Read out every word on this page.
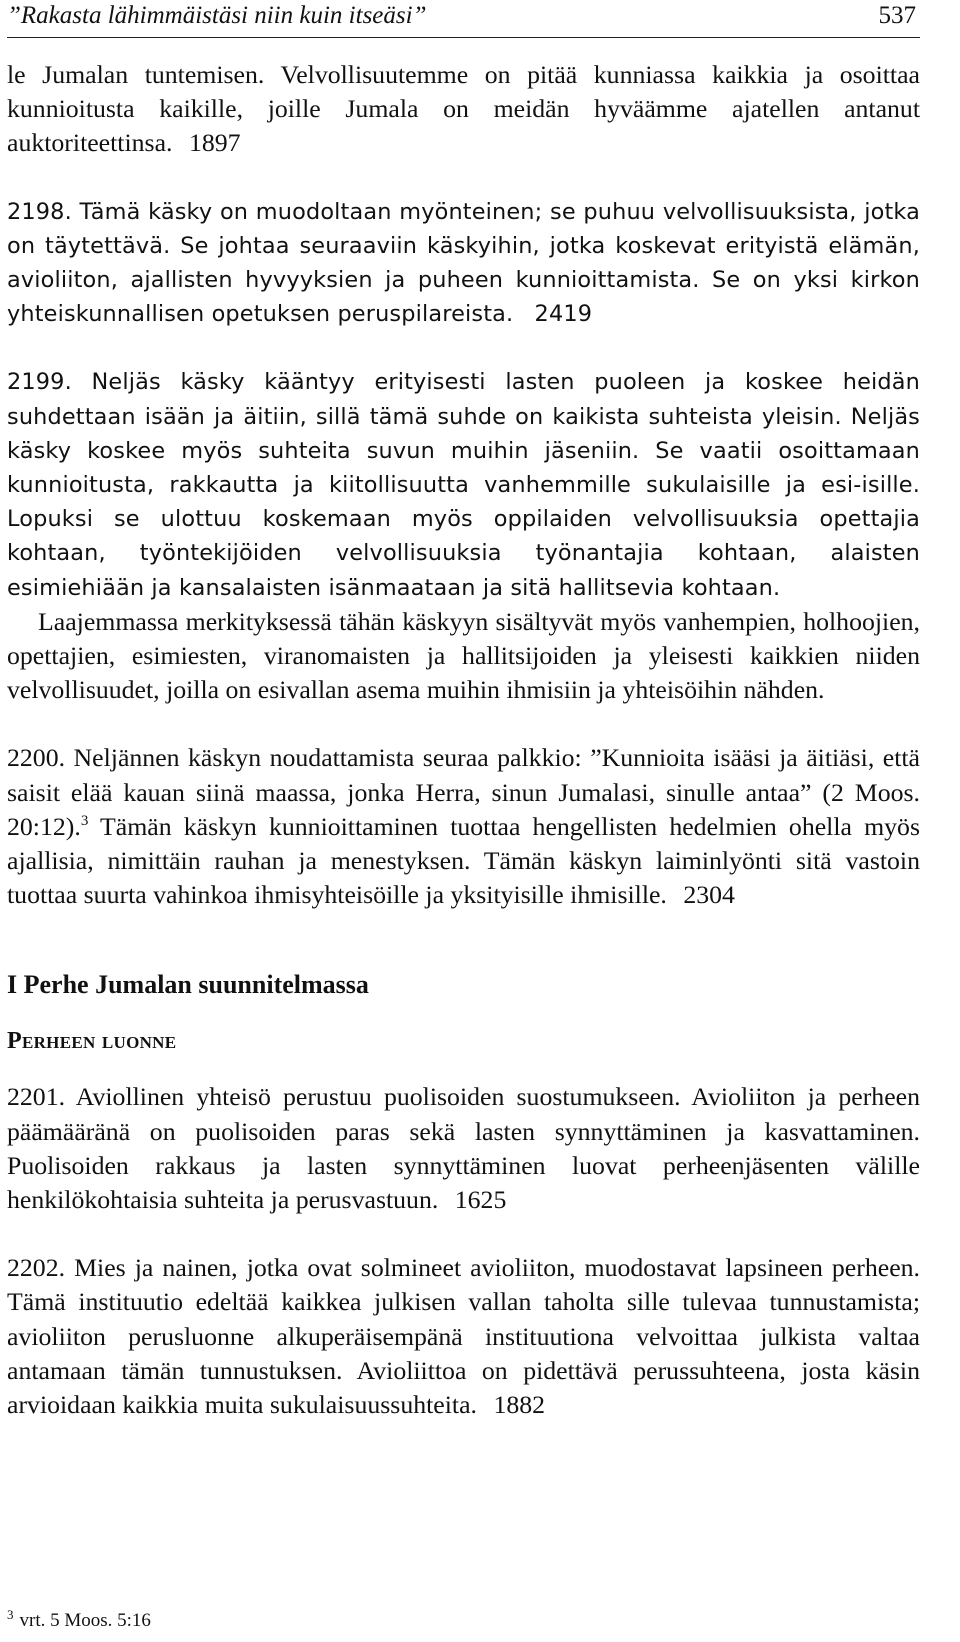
”Rakasta lähimmäistäsi niin kuin itseäsi”	537

le Jumalan tuntemisen. Velvollisuutemme on pitää kunniassa kaikkia ja osoittaa kunnioitusta kaikille, joille Jumala on meidän hyväämme ajatellen antanut auktoriteettinsa. 1897

2198. Tämä käsky on muodoltaan myönteinen; se puhuu velvollisuuksista, jotka on täytettävä. Se johtaa seuraaviin käskyihin, jotka koskevat erityistä elämän, avioliiton, ajallisten hyvyyksien ja puheen kunnioittamista. Se on yksi kirkon yhteiskunnallisen opetuksen peruspilareista. 2419

2199. Neljäs käsky kääntyy erityisesti lasten puoleen ja koskee heidän suhdettaan isään ja äitiin, sillä tämä suhde on kaikista suhteista yleisin. Neljäs käsky koskee myös suhteita suvun muihin jäseniin. Se vaatii osoittamaan kunnioitusta, rakkautta ja kiitollisuutta vanhemmille sukulaisille ja esi-isille. Lopuksi se ulottuu koskemaan myös oppilaiden velvollisuuksia opettajia kohtaan, työntekijöiden velvollisuuksia työnantajia kohtaan, alaisten esimiehiään ja kansalaisten isänmaataan ja sitä hallitsevia kohtaan.

Laajemmassa merkityksessä tähän käskyyn sisältyvät myös vanhempien, holhoojien, opettajien, esimiesten, viranomaisten ja hallitsijoiden ja yleisesti kaikkien niiden velvollisuudet, joilla on esivallan asema muihin ihmisiin ja yhteisöihin nähden.

2200. Neljännen käskyn noudattamista seuraa palkkio: ”Kunnioita isääsi ja äitiäsi, että saisit elää kauan siinä maassa, jonka Herra, sinun Jumalasi, sinulle antaa” (2 Moos. 20:12).$^3$ Tämän käskyn kunnioittaminen tuottaa hengellisten hedelmien ohella myös ajallisia, nimittäin rauhan ja menestyksen. Tämän käskyn laiminlyönti sitä vastoin tuottaa suurta vahinkoa ihmisyhteisöille ja yksityisille ihmisille. 2304

I Perhe Jumalan suunnitelmassa
Perheen luonne

2201. Aviollinen yhteisö perustuu puolisoiden suostumukseen. Avioliiton ja perheen päämääränä on puolisoiden paras sekä lasten synnyttäminen ja kasvattaminen. Puolisoiden rakkaus ja lasten synnyttäminen luovat perheenjäsenten välille henkilökohtaisia suhteita ja perusvastuun. 1625

2202. Mies ja nainen, jotka ovat solmineet avioliiton, muodostavat lapsineen perheen. Tämä instituutio edeltää kaikkea julkisen vallan taholta sille tulevaa tunnustamista; avioliiton perusluonne alkuperäisempänä instituutiona velvoittaa julkista valtaa antamaan tämän tunnustuksen. Avioliittoa on pidettävä perussuhteena, josta käsin arvioidaan kaikkia muita sukulaisuussuhteita. 1882

$^3$ vrt. 5 Moos. 5:16
